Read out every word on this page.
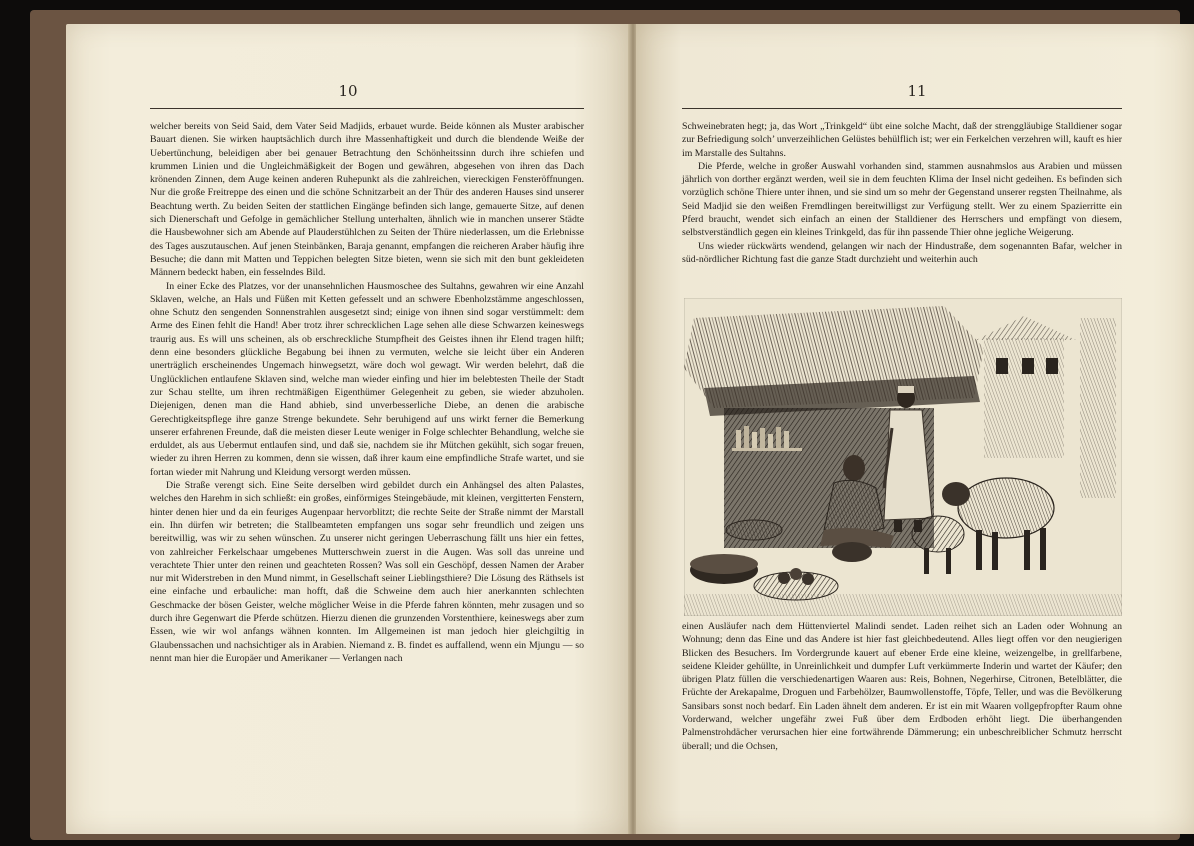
10

welcher bereits von Seid Said, dem Vater Seid Madjids, erbauet wurde. Beide können als Muster arabischer Bauart dienen. Sie wirken hauptsächlich durch ihre Massenhaftigkeit und durch die blendende Weiße der Uebertünchung, beleidigen aber bei genauer Betrachtung den Schönheitssinn durch ihre schiefen und krummen Linien und die Ungleichmäßigkeit der Bogen und gewähren, abgesehen von ihren das Dach krönenden Zinnen, dem Auge keinen anderen Ruhepunkt als die zahlreichen, viereckigen Fensteröffnungen. Nur die große Freitreppe des einen und die schöne Schnitzarbeit an der Thür des anderen Hauses sind unserer Beachtung werth. Zu beiden Seiten der stattlichen Eingänge befinden sich lange, gemauerte Sitze, auf denen sich Dienerschaft und Gefolge in gemächlicher Stellung unterhalten, ähnlich wie in manchen unserer Städte die Hausbewohner sich am Abende auf Plauderstühlchen zu Seiten der Thüre niederlassen, um die Erlebnisse des Tages auszutauschen. Auf jenen Steinbänken, Baraja genannt, empfangen die reicheren Araber häufig ihre Besuche; die dann mit Matten und Teppichen belegten Sitze bieten, wenn sie sich mit den bunt gekleideten Männern bedeckt haben, ein fesselndes Bild.

In einer Ecke des Platzes, vor der unansehnlichen Hausmoschee des Sultahns, gewahren wir eine Anzahl Sklaven, welche, an Hals und Füßen mit Ketten gefesselt und an schwere Ebenholzstämme angeschlossen, ohne Schutz den sengenden Sonnenstrahlen ausgesetzt sind; einige von ihnen sind sogar verstümmelt: dem Arme des Einen fehlt die Hand! Aber trotz ihrer schrecklichen Lage sehen alle diese Schwarzen keineswegs traurig aus. Es will uns scheinen, als ob erschreckliche Stumpfheit des Geistes ihnen ihr Elend tragen hilft; denn eine besonders glückliche Begabung bei ihnen zu vermuten, welche sie leicht über ein Anderen unerträglich erscheinendes Ungemach hinwegsetzt, wäre doch wol gewagt. Wir werden belehrt, daß die Unglücklichen entlaufene Sklaven sind, welche man wieder einfing und hier im belebtesten Theile der Stadt zur Schau stellte, um ihren rechtmäßigen Eigenthümer Gelegenheit zu geben, sie wieder abzuholen. Diejenigen, denen man die Hand abhieb, sind unverbesserliche Diebe, an denen die arabische Gerechtigkeitspflege ihre ganze Strenge bekundete. Sehr beruhigend auf uns wirkt ferner die Bemerkung unserer erfahrenen Freunde, daß die meisten dieser Leute weniger in Folge schlechter Behandlung, welche sie erduldet, als aus Uebermut entlaufen sind, und daß sie, nachdem sie ihr Mütchen gekühlt, sich sogar freuen, wieder zu ihren Herren zu kommen, denn sie wissen, daß ihrer kaum eine empfindliche Strafe wartet, und sie fortan wieder mit Nahrung und Kleidung versorgt werden müssen.

Die Straße verengt sich. Eine Seite derselben wird gebildet durch ein Anhängsel des alten Palastes, welches den Harehm in sich schließt: ein großes, einförmiges Steingebäude, mit kleinen, vergitterten Fenstern, hinter denen hier und da ein feuriges Augenpaar hervorblitzt; die rechte Seite der Straße nimmt der Marstall ein. Ihn dürfen wir betreten; die Stallbeamteten empfangen uns sogar sehr freundlich und zeigen uns bereitwillig, was wir zu sehen wünschen. Zu unserer nicht geringen Ueberraschung fällt uns hier ein fettes, von zahlreicher Ferkelschaar umgebenes Mutterschwein zuerst in die Augen. Was soll das unreine und verachtete Thier unter den reinen und geachteten Rossen? Was soll ein Geschöpf, dessen Namen der Araber nur mit Widerstreben in den Mund nimmt, in Gesellschaft seiner Lieblingsthiere? Die Lösung des Räthsels ist eine einfache und erbauliche: man hofft, daß die Schweine dem auch hier anerkannten schlechten Geschmacke der bösen Geister, welche möglicher Weise in die Pferde fahren könnten, mehr zusagen und so durch ihre Gegenwart die Pferde schützen. Hierzu dienen die grunzenden Vorstenthiere, keineswegs aber zum Essen, wie wir wol anfangs wähnen konnten. Im Allgemeinen ist man jedoch hier gleichgiltig in Glaubenssachen und nachsichtiger als in Arabien. Niemand z. B. findet es auffallend, wenn ein Mjungu — so nennt man hier die Europäer und Amerikaner — Verlangen nach

11

Schweinebraten hegt; ja, das Wort „Trinkgeld“ übt eine solche Macht, daß der strenggläubige Stalldiener sogar zur Befriedigung solch’ unverzeihlichen Gelüstes behülflich ist; wer ein Ferkelchen verzehren will, kauft es hier im Marstalle des Sultahns.

Die Pferde, welche in großer Auswahl vorhanden sind, stammen ausnahmslos aus Arabien und müssen jährlich von dorther ergänzt werden, weil sie in dem feuchten Klima der Insel nicht gedeihen. Es befinden sich vorzüglich schöne Thiere unter ihnen, und sie sind um so mehr der Gegenstand unserer regsten Theilnahme, als Seid Madjid sie den weißen Fremdlingen bereitwilligst zur Verfügung stellt. Wer zu einem Spazierritte ein Pferd braucht, wendet sich einfach an einen der Stalldiener des Herrschers und empfängt von diesem, selbstverständlich gegen ein kleines Trinkgeld, das für ihn passende Thier ohne jegliche Weigerung.

Uns wieder rückwärts wendend, gelangen wir nach der Hindustraße, dem sogenannten Bafar, welcher in süd-nördlicher Richtung fast die ganze Stadt durchzieht und weiterhin auch

einen Ausläufer nach dem Hüttenviertel Malindi sendet. Laden reihet sich an Laden oder Wohnung an Wohnung; denn das Eine und das Andere ist hier fast gleichbedeutend. Alles liegt offen vor den neugierigen Blicken des Besuchers. Im Vordergrunde kauert auf ebener Erde eine kleine, weizengelbe, in grellfarbene, seidene Kleider gehüllte, in Unreinlichkeit und dumpfer Luft verkümmerte Inderin und wartet der Käufer; den übrigen Platz füllen die verschiedenartigen Waaren aus: Reis, Bohnen, Negerhirse, Citronen, Betelblätter, die Früchte der Arekapalme, Droguen und Farbehölzer, Baumwollenstoffe, Töpfe, Teller, und was die Bevölkerung Sansibars sonst noch bedarf. Ein Laden ähnelt dem anderen. Er ist ein mit Waaren vollgepfropfter Raum ohne Vorderwand, welcher ungefähr zwei Fuß über dem Erdboden erhöht liegt. Die überhangenden Palmenstrohdächer verursachen hier eine fortwährende Dämmerung; ein unbeschreiblicher Schmutz herrscht überall; und die Ochsen,
